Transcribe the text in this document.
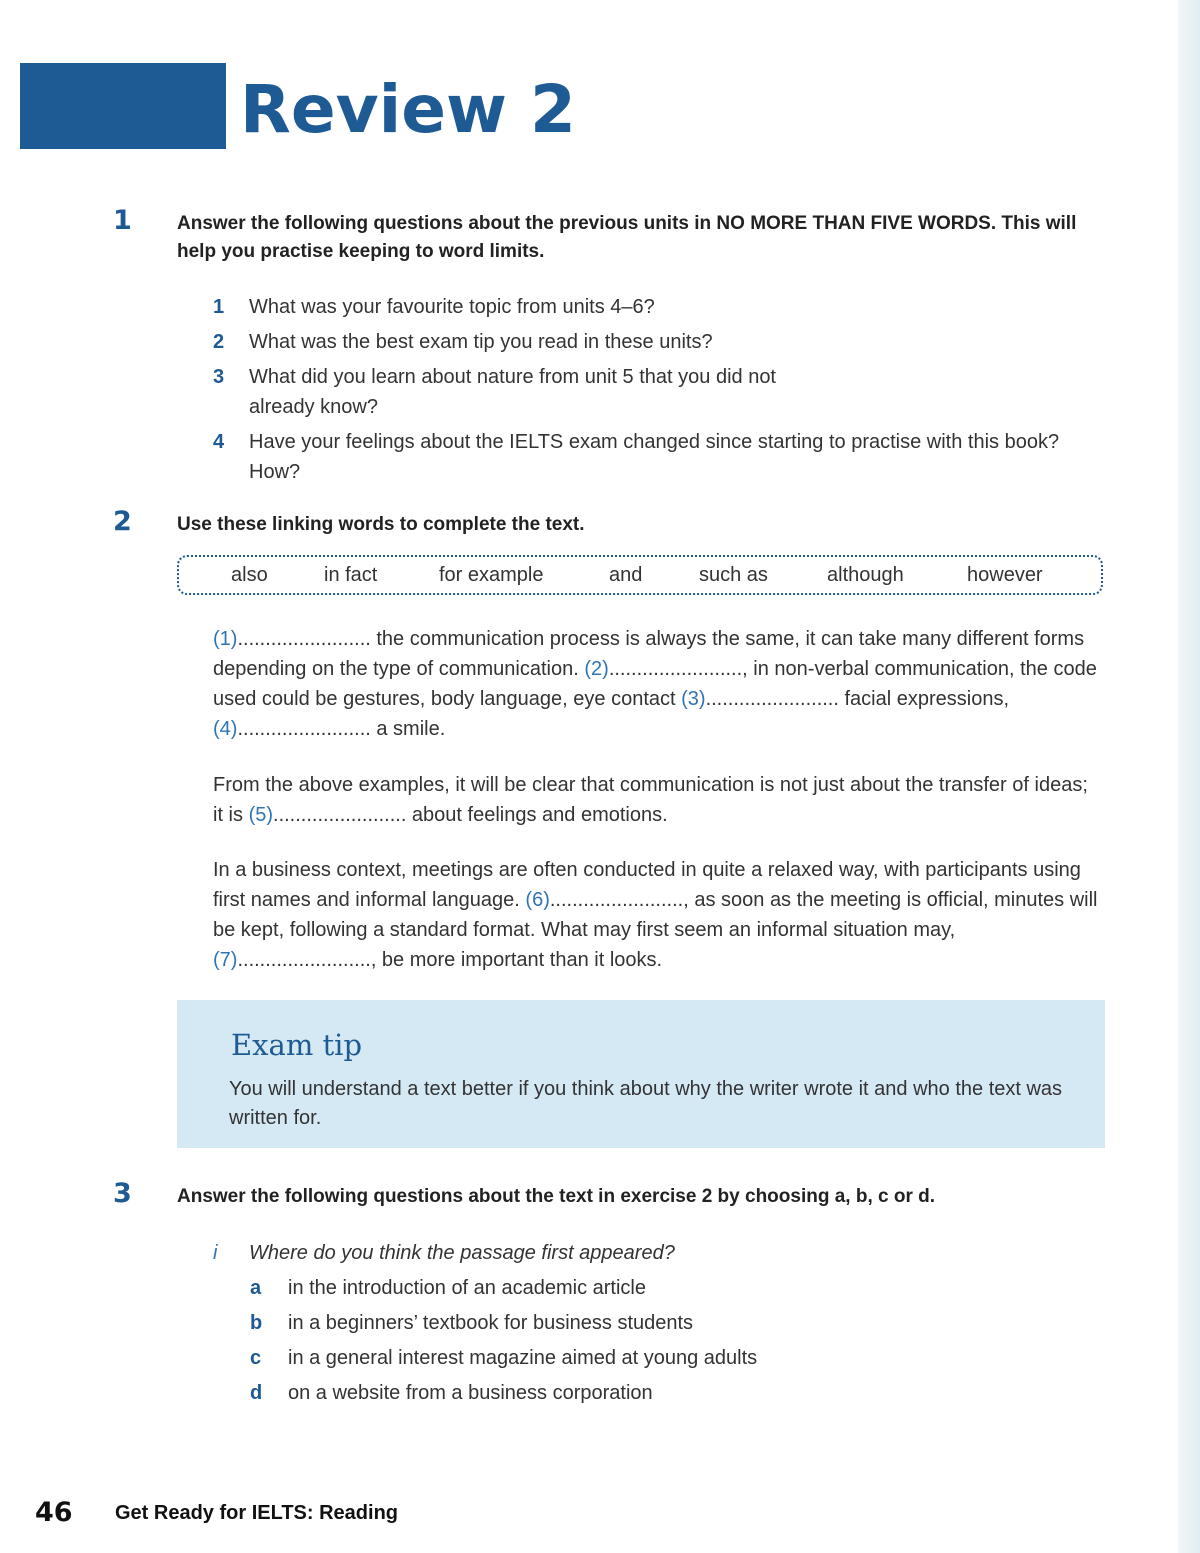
Review 2
1 Answer the following questions about the previous units in NO MORE THAN FIVE WORDS. This will help you practise keeping to word limits.
1 What was your favourite topic from units 4–6?
2 What was the best exam tip you read in these units?
3 What did you learn about nature from unit 5 that you did not already know?
4 Have your feelings about the IELTS exam changed since starting to practise with this book? How?
2 Use these linking words to complete the text.
also	in fact	for example	and	such as	although	however

(1)........................ the communication process is always the same, it can take many different forms depending on the type of communication. (2)........................, in non-verbal communication, the code used could be gestures, body language, eye contact (3)........................ facial expressions, (4)........................ a smile.

From the above examples, it will be clear that communication is not just about the transfer of ideas; it is (5)........................ about feelings and emotions.

In a business context, meetings are often conducted in quite a relaxed way, with participants using first names and informal language. (6)........................, as soon as the meeting is official, minutes will be kept, following a standard format. What may first seem an informal situation may, (7)........................, be more important than it looks.

Exam tip
You will understand a text better if you think about why the writer wrote it and who the text was written for.
3 Answer the following questions about the text in exercise 2 by choosing a, b, c or d.
i Where do you think the passage first appeared?
a in the introduction of an academic article
b in a beginners’ textbook for business students
c in a general interest magazine aimed at young adults
d on a website from a business corporation
46 Get Ready for IELTS: Reading
